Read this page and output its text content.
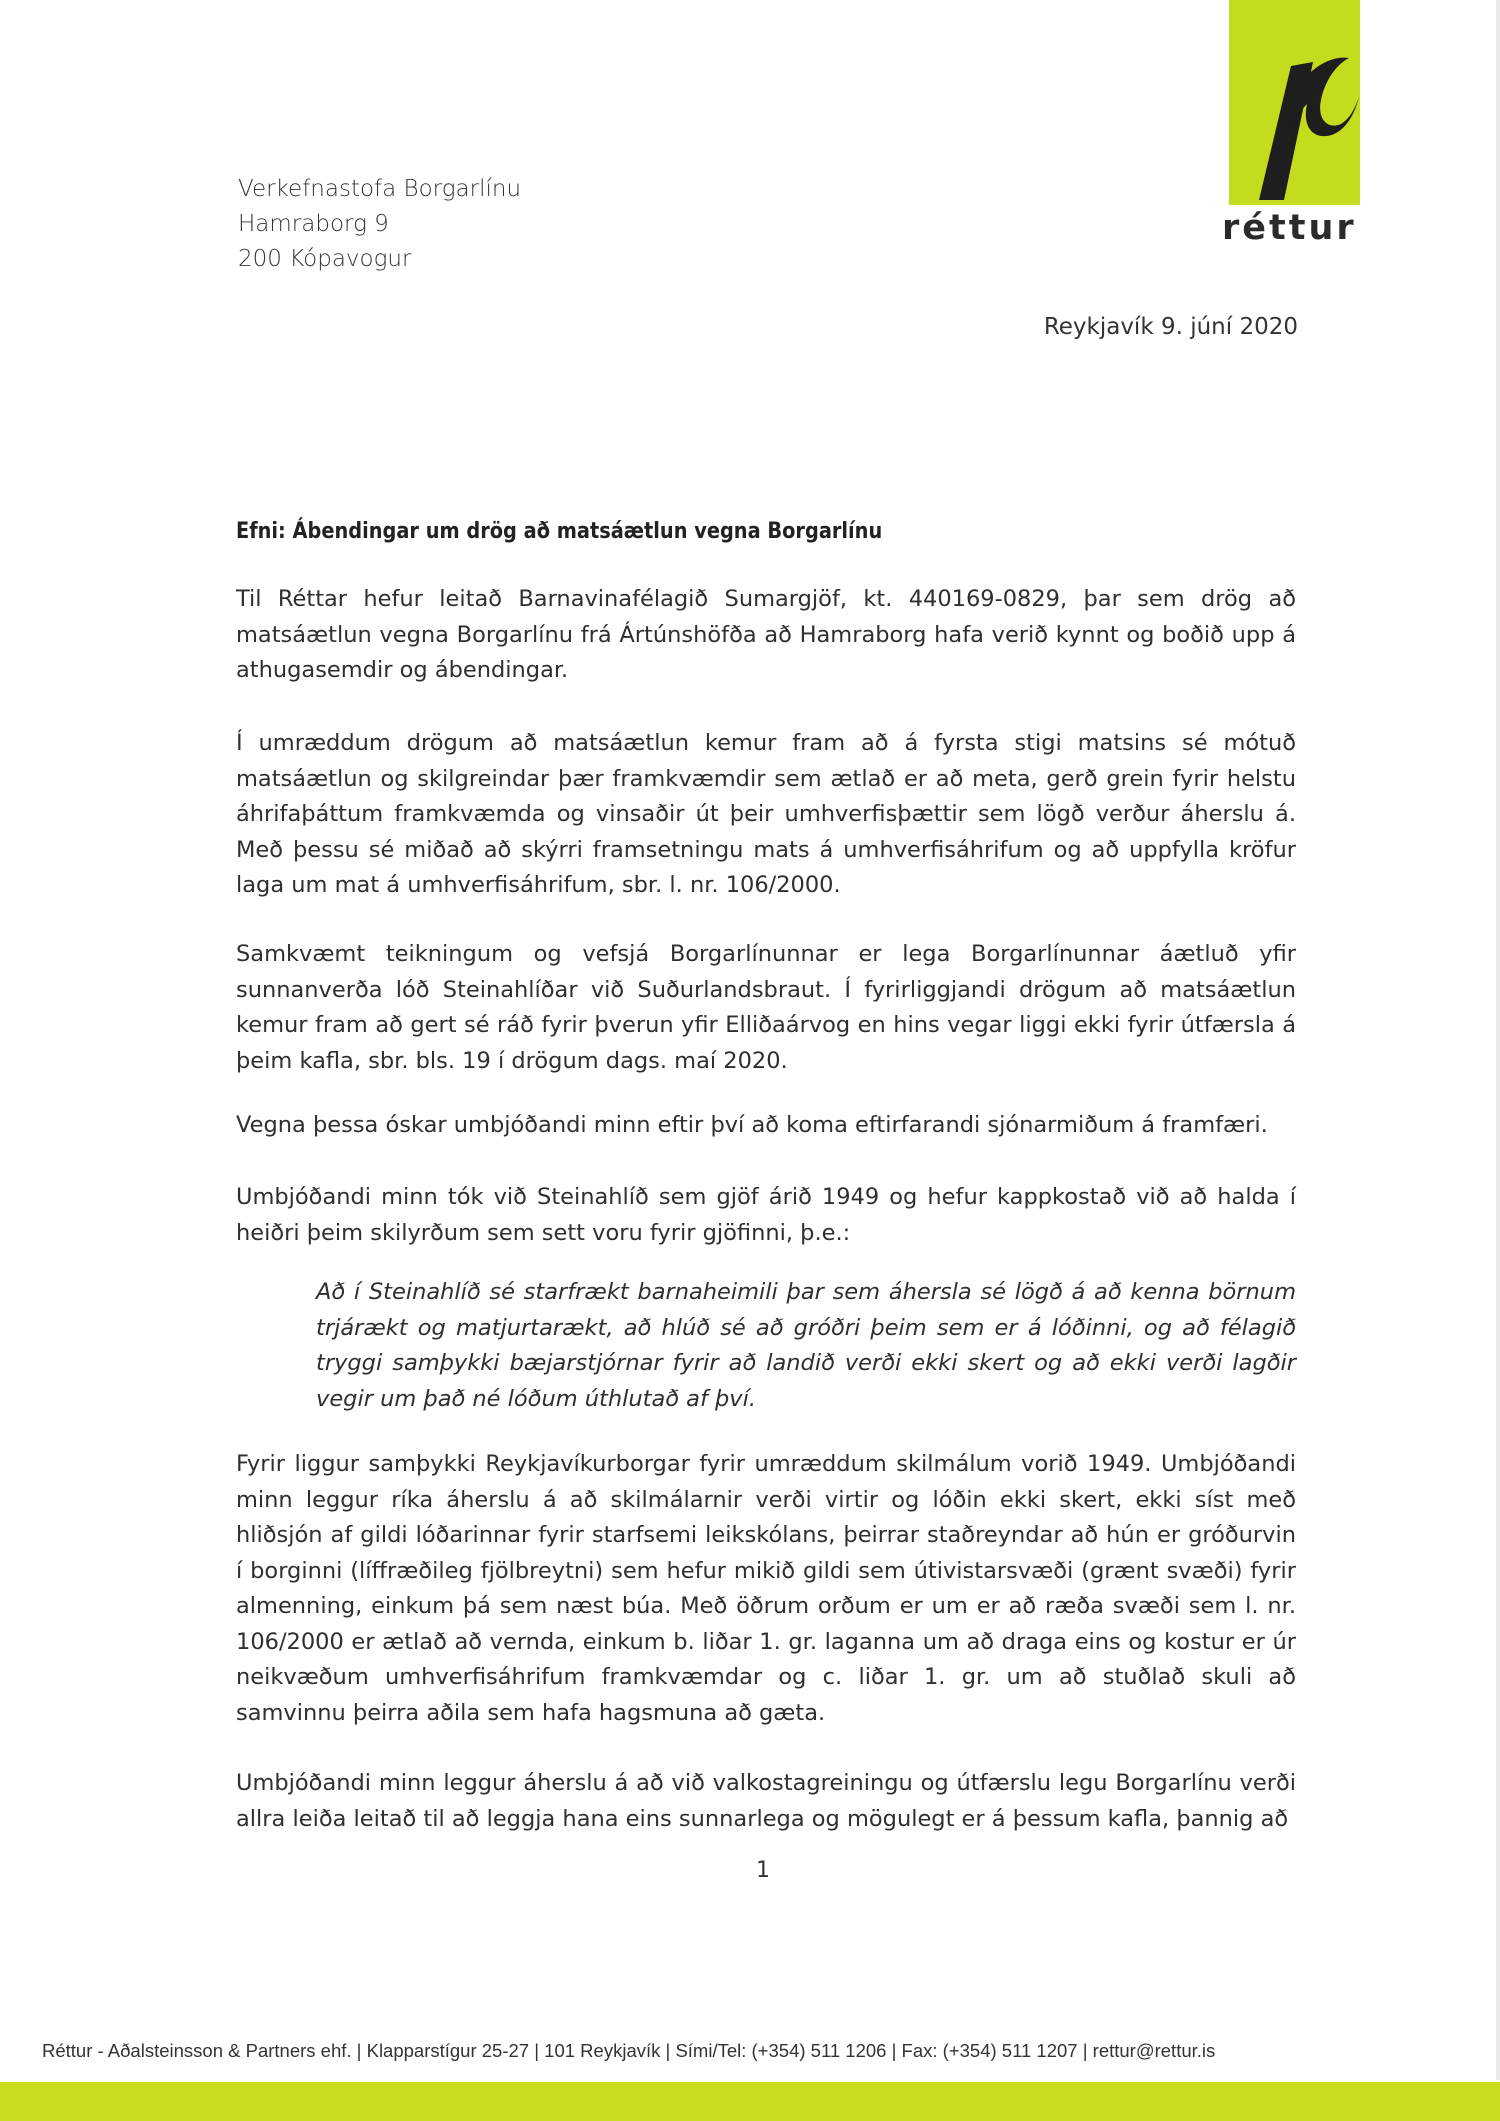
réttur
Verkefnastofa Borgarlínu
Hamraborg 9
200 Kópavogur
Reykjavík 9. júní 2020
Efni: Ábendingar um drög að matsáætlun vegna Borgarlínu

Til Réttar hefur leitað Barnavinafélagið Sumargjöf, kt. 440169-0829, þar sem drög að matsáætlun vegna Borgarlínu frá Ártúnshöfða að Hamraborg hafa verið kynnt og boðið upp á athugasemdir og ábendingar.

Í umræddum drögum að matsáætlun kemur fram að á fyrsta stigi matsins sé mótuð matsáætlun og skilgreindar þær framkvæmdir sem ætlað er að meta, gerð grein fyrir helstu áhrifaþáttum framkvæmda og vinsaðir út þeir umhverfisþættir sem lögð verður áherslu á. Með þessu sé miðað að skýrri framsetningu mats á umhverfisáhrifum og að uppfylla kröfur laga um mat á umhverfisáhrifum, sbr. l. nr. 106/2000.

Samkvæmt teikningum og vefsjá Borgarlínunnar er lega Borgarlínunnar áætluð yfir sunnanverða lóð Steinahlíðar við Suðurlandsbraut. Í fyrirliggjandi drögum að matsáætlun kemur fram að gert sé ráð fyrir þverun yfir Elliðaárvog en hins vegar liggi ekki fyrir útfærsla á þeim kafla, sbr. bls. 19 í drögum dags. maí 2020.

Vegna þessa óskar umbjóðandi minn eftir því að koma eftirfarandi sjónarmiðum á framfæri.

Umbjóðandi minn tók við Steinahlíð sem gjöf árið 1949 og hefur kappkostað við að halda í heiðri þeim skilyrðum sem sett voru fyrir gjöfinni, þ.e.:

Að í Steinahlíð sé starfrækt barnaheimili þar sem áhersla sé lögð á að kenna börnum trjárækt og matjurtarækt, að hlúð sé að gróðri þeim sem er á lóðinni, og að félagið tryggi samþykki bæjarstjórnar fyrir að landið verði ekki skert og að ekki verði lagðir vegir um það né lóðum úthlutað af því.

Fyrir liggur samþykki Reykjavíkurborgar fyrir umræddum skilmálum vorið 1949. Umbjóðandi minn leggur ríka áherslu á að skilmálarnir verði virtir og lóðin ekki skert, ekki síst með hliðsjón af gildi lóðarinnar fyrir starfsemi leikskólans, þeirrar staðreyndar að hún er gróðurvin í borginni (líffræðileg fjölbreytni) sem hefur mikið gildi sem útivistarsvæði (grænt svæði) fyrir almenning, einkum þá sem næst búa. Með öðrum orðum er um er að ræða svæði sem l. nr. 106/2000 er ætlað að vernda, einkum b. liðar 1. gr. laganna um að draga eins og kostur er úr neikvæðum umhverfisáhrifum framkvæmdar og c. liðar 1. gr. um að stuðlað skuli að samvinnu þeirra aðila sem hafa hagsmuna að gæta.

Umbjóðandi minn leggur áherslu á að við valkostagreiningu og útfærslu legu Borgarlínu verði allra leiða leitað til að leggja hana eins sunnarlega og mögulegt er á þessum kafla, þannig að

1
Réttur - Aðalsteinsson & Partners ehf. | Klapparstígur 25-27 | 101 Reykjavík | Sími/Tel: (+354) 511 1206 | Fax: (+354) 511 1207 | rettur@rettur.is
